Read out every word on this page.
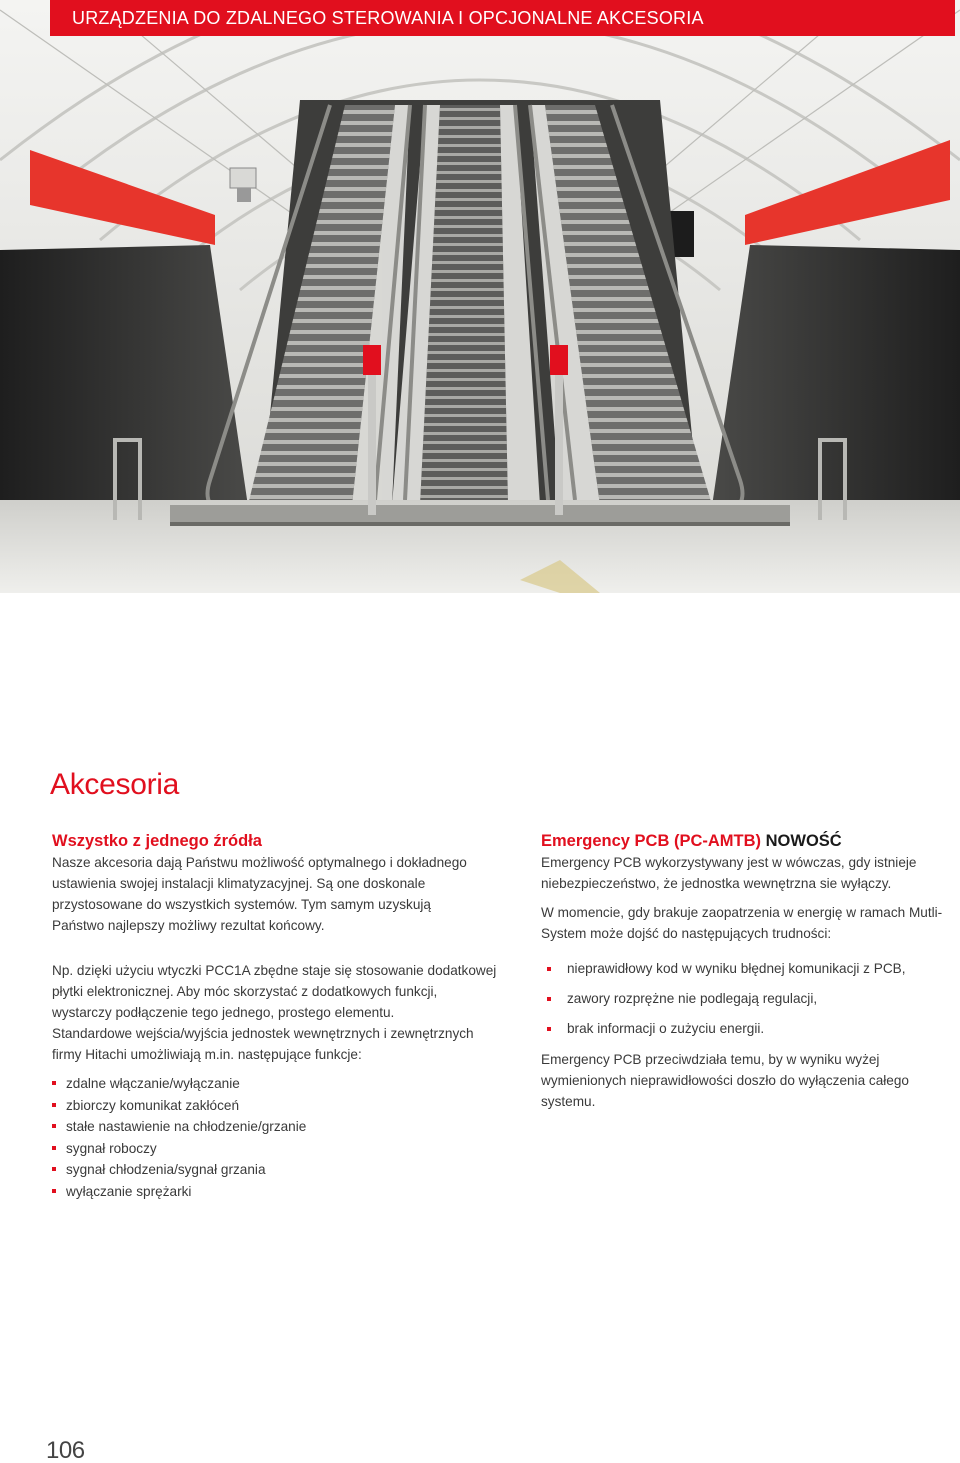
URZĄDZENIA DO ZDALNEGO STEROWANIA I OPCJONALNE AKCESORIA
Akcesoria
Wszystko z jednego źródła
Nasze akcesoria dają Państwu możliwość optymalnego i dokładnego
ustawienia swojej instalacji klimatyzacyjnej. Są one doskonale
przystosowane do wszystkich systemów. Tym samym uzyskują
Państwo najlepszy możliwy rezultat końcowy.
Np. dzięki użyciu wtyczki PCC1A zbędne staje się stosowanie dodatkowej
płytki elektronicznej. Aby móc skorzystać z dodatkowych funkcji,
wystarczy podłączenie tego jednego, prostego elementu.
Standardowe wejścia/wyjścia jednostek wewnętrznych i zewnętrznych
firmy Hitachi umożliwiają m.in. następujące funkcje:
zdalne włączanie/wyłączanie
zbiorczy komunikat zakłóceń
stałe nastawienie na chłodzenie/grzanie
sygnał roboczy
sygnał chłodzenia/sygnał grzania
wyłączanie sprężarki
Emergency PCB (PC-AMTB) NOWOŚĆ
Emergency PCB wykorzystywany jest w wówczas, gdy istnieje
niebezpieczeństwo, że jednostka wewnętrzna sie wyłączy.
W momencie, gdy brakuje zaopatrzenia w energię w ramach Mutli-
System może dojść do następujących trudności:
nieprawidłowy kod w wyniku błędnej komunikacji z PCB,
zawory rozprężne nie podlegają regulacji,
brak informacji o zużyciu energii.
Emergency PCB przeciwdziała temu, by w wyniku wyżej
wymienionych nieprawidłowości doszło do wyłączenia całego
systemu.
106
